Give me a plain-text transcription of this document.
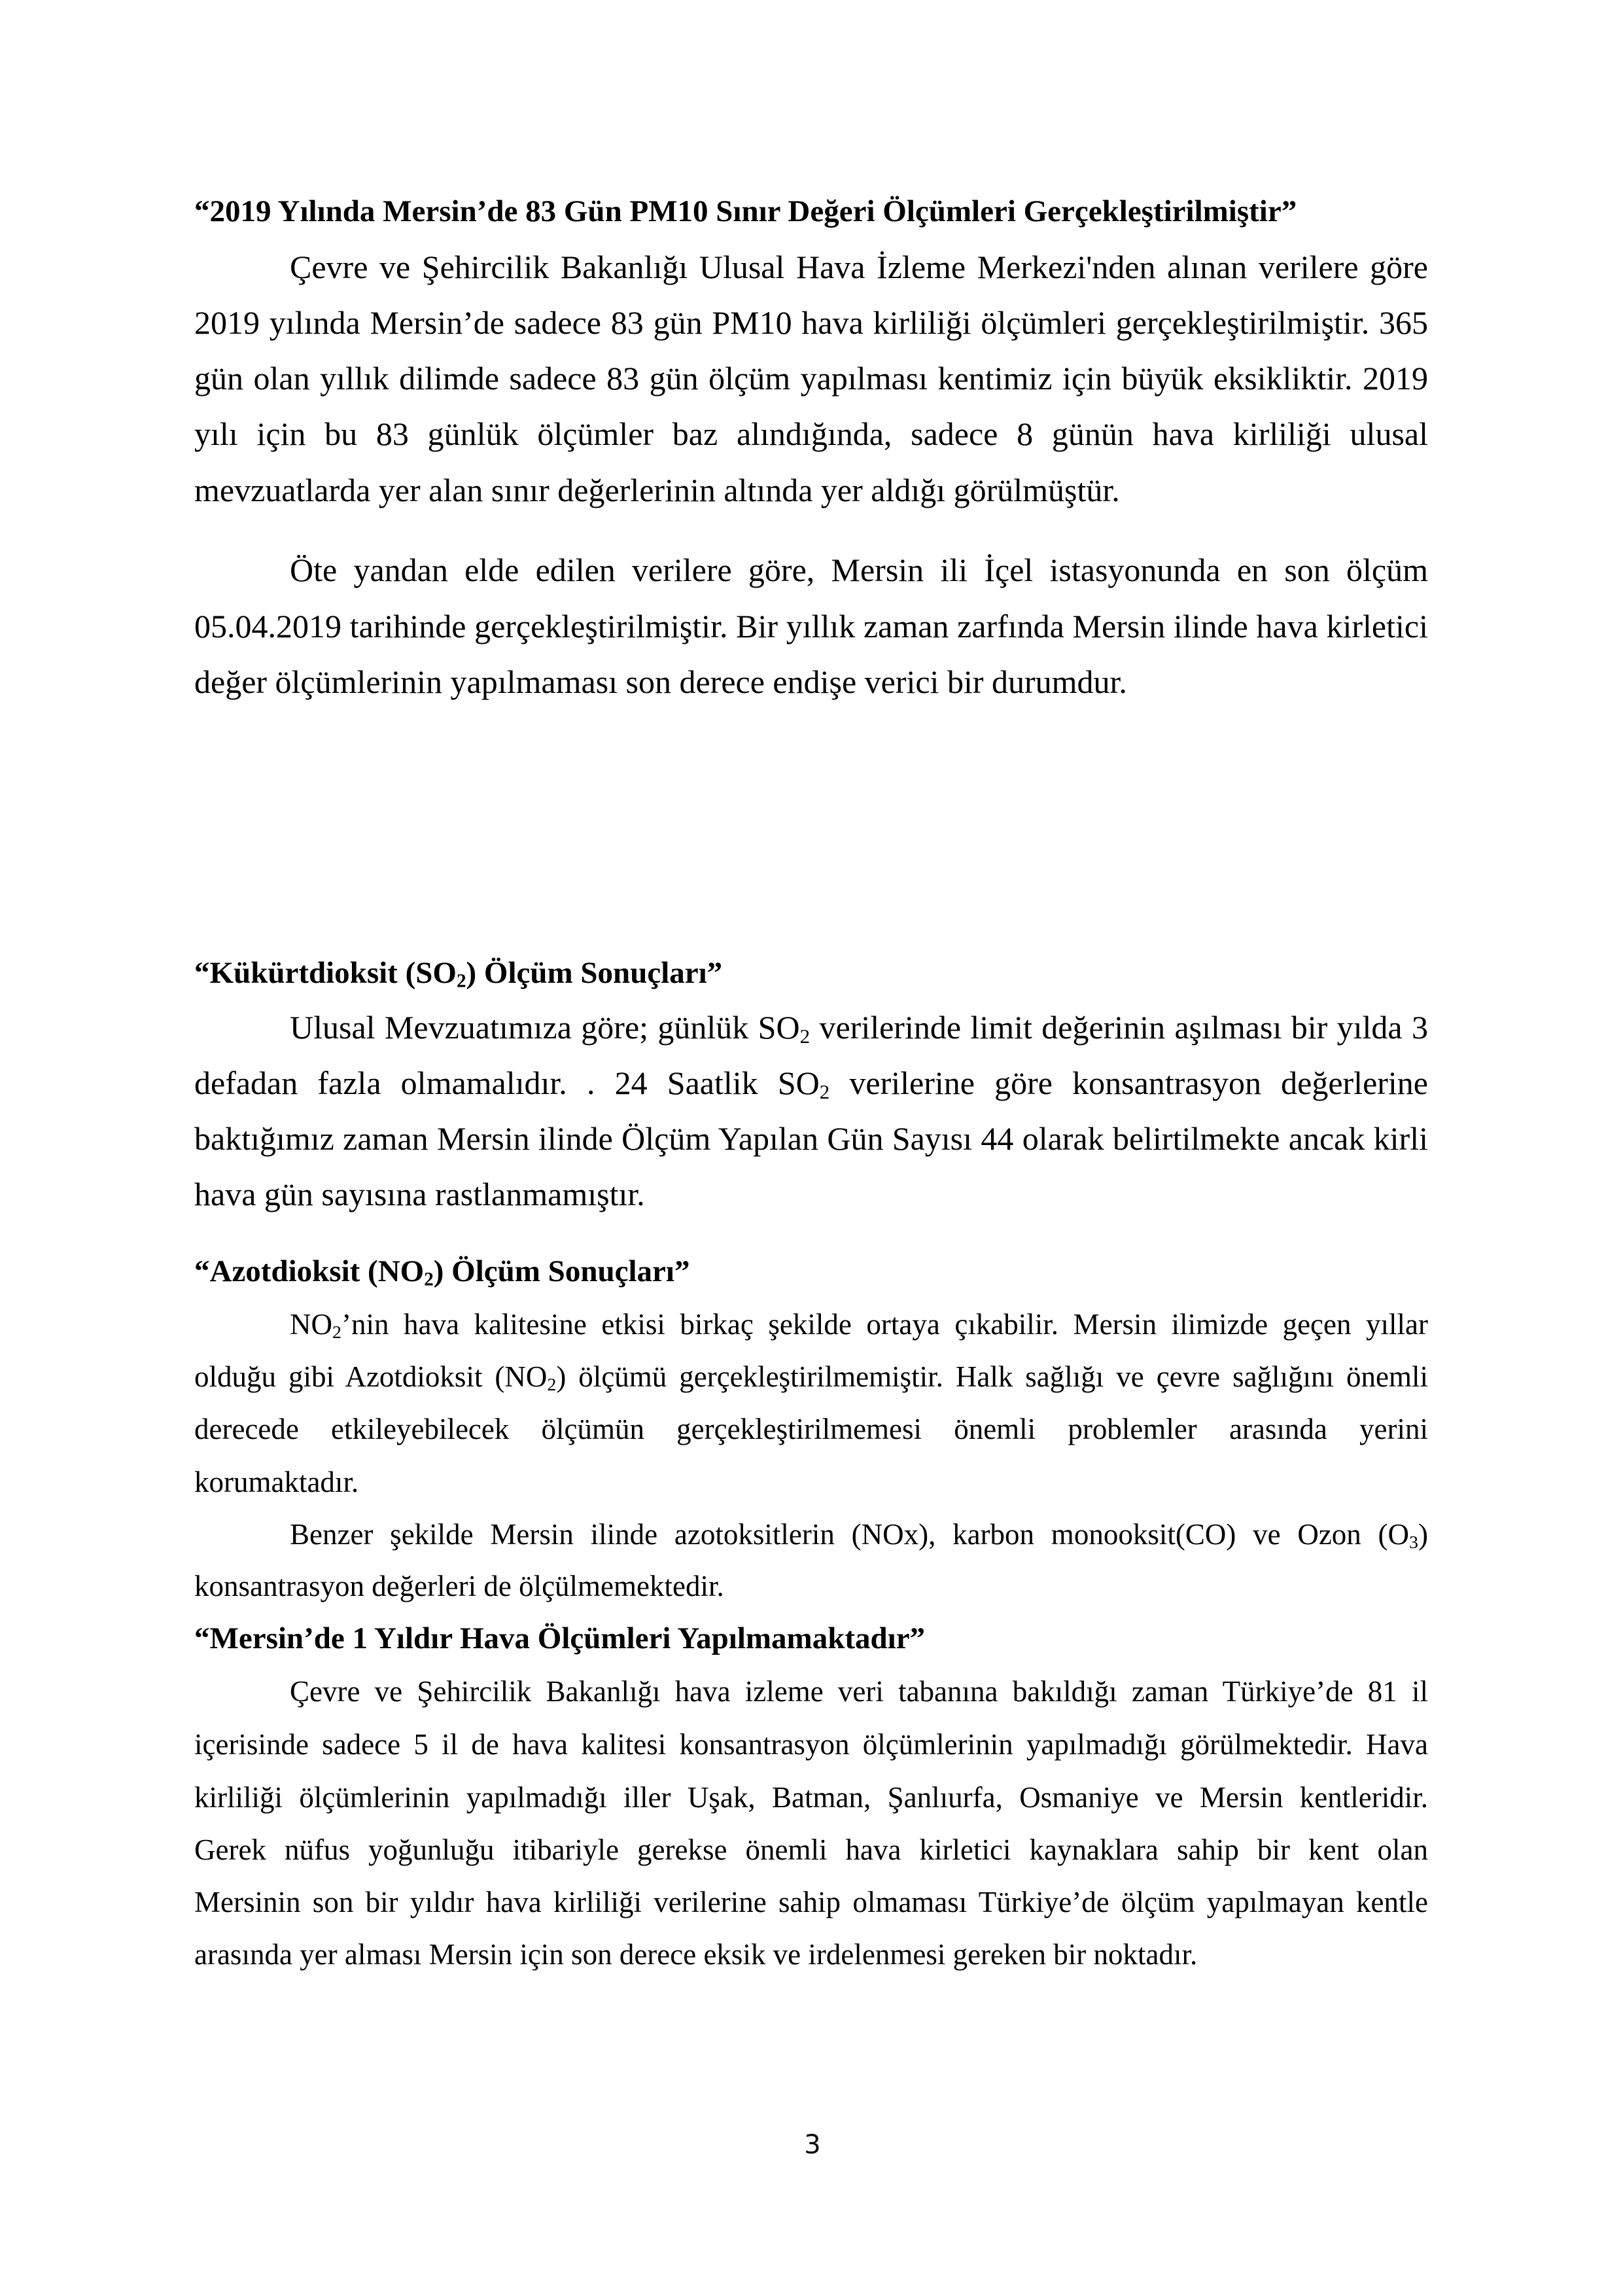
“2019 Yılında Mersin’de 83 Gün PM10 Sınır Değeri Ölçümleri Gerçekleştirilmiştir”
Çevre ve Şehircilik Bakanlığı Ulusal Hava İzleme Merkezi'nden alınan verilere göre
2019 yılında Mersin’de sadece 83 gün PM10 hava kirliliği ölçümleri gerçekleştirilmiştir. 365
gün olan yıllık dilimde sadece 83 gün ölçüm yapılması kentimiz için büyük eksikliktir. 2019
yılı için bu 83 günlük ölçümler baz alındığında, sadece 8 günün hava kirliliği ulusal
mevzuatlarda yer alan sınır değerlerinin altında yer aldığı görülmüştür.
Öte yandan elde edilen verilere göre, Mersin ili İçel istasyonunda en son ölçüm
05.04.2019 tarihinde gerçekleştirilmiştir. Bir yıllık zaman zarfında Mersin ilinde hava kirletici
değer ölçümlerinin yapılmaması son derece endişe verici bir durumdur.
“Kükürtdioksit $(SO_2)$ Ölçüm Sonuçları”
Ulusal Mevzuatımıza göre; günlük $SO_2$ verilerinde limit değerinin aşılması bir yılda 3
defadan fazla olmamalıdır. . 24 Saatlik $SO_2$ verilerine göre konsantrasyon değerlerine
baktığımız zaman Mersin ilinde Ölçüm Yapılan Gün Sayısı 44 olarak belirtilmekte ancak kirli
hava gün sayısına rastlanmamıştır.
“Azotdioksit $(NO_2)$ Ölçüm Sonuçları”
$NO_2’nin$ hava kalitesine etkisi birkaç şekilde ortaya çıkabilir. Mersin ilimizde geçen yıllar
olduğu gibi Azotdioksit $(NO_2)$ ölçümü gerçekleştirilmemiştir. Halk sağlığı ve çevre sağlığını önemli
derecede etkileyebilecek ölçümün gerçekleştirilmemesi önemli problemler arasında yerini
korumaktadır.
Benzer şekilde Mersin ilinde azotoksitlerin (NOx), karbon monooksit(CO) ve Ozon $(O_3)$
konsantrasyon değerleri de ölçülmemektedir.
“Mersin’de 1 Yıldır Hava Ölçümleri Yapılmamaktadır”
Çevre ve Şehircilik Bakanlığı hava izleme veri tabanına bakıldığı zaman Türkiye’de 81 il
içerisinde sadece 5 il de hava kalitesi konsantrasyon ölçümlerinin yapılmadığı görülmektedir. Hava
kirliliği ölçümlerinin yapılmadığı iller Uşak, Batman, Şanlıurfa, Osmaniye ve Mersin kentleridir.
Gerek nüfus yoğunluğu itibariyle gerekse önemli hava kirletici kaynaklara sahip bir kent olan
Mersinin son bir yıldır hava kirliliği verilerine sahip olmaması Türkiye’de ölçüm yapılmayan kentle
arasında yer alması Mersin için son derece eksik ve irdelenmesi gereken bir noktadır.
3
